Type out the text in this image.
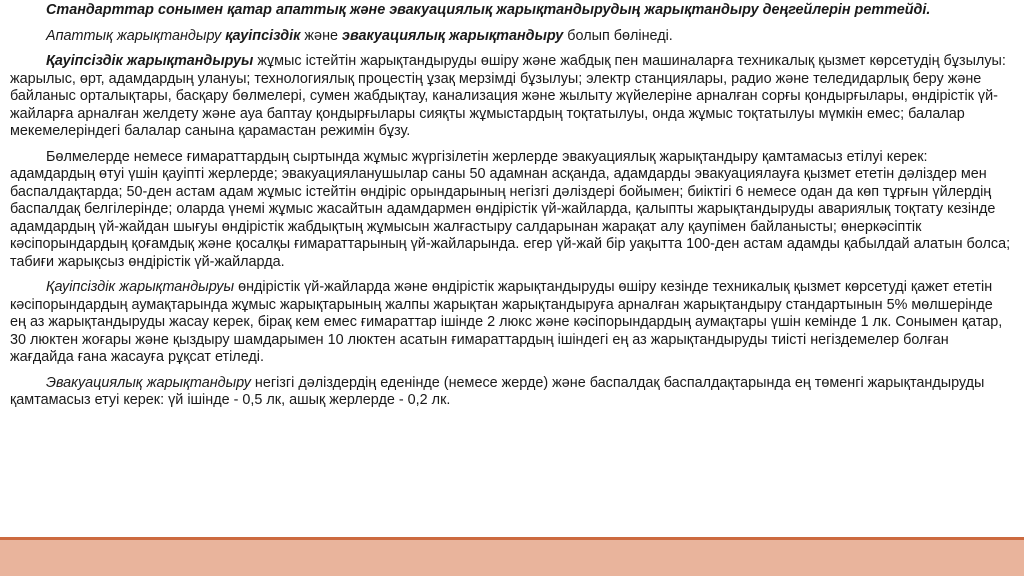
Стандарттар сонымен қатар апаттық және эвакуациялық жарықтандырудың жарықтандыру деңгейлерін реттейді.

Апаттық жарықтандыру қауіпсіздік және эвакуациялық жарықтандыру болып бөлінеді.

Қауіпсіздік жарықтандыруы жұмыс істейтін жарықтандыруды өшіру және жабдық пен машиналарға техникалық қызмет көрсетудің бұзылуы: жарылыс, өрт, адамдардың улануы; технологиялық процестің ұзақ мерзімді бұзылуы; электр станциялары, радио және теледидарлық беру және байланыс орталықтары, басқару бөлмелері, сумен жабдықтау, канализация және жылыту жүйелеріне арналған сорғы қондырғылары, өндірістік үй-жайларға арналған желдету және ауа баптау қондырғылары сияқты жұмыстардың тоқтатылуы, онда жұмыс тоқтатылуы мүмкін емес; балалар мекемелеріндегі балалар санына қарамастан режимін бұзу.

Бөлмелерде немесе ғимараттардың сыртында жұмыс жүргізілетін жерлерде эвакуациялық жарықтандыру қамтамасыз етілуі керек: адамдардың өтуі үшін қауіпті жерлерде; эвакуацияланушылар саны 50 адамнан асқанда, адамдарды эвакуациялауға қызмет ететін дәліздер мен баспалдақтарда; 50-ден астам адам жұмыс істейтін өндіріс орындарының негізгі дәліздері бойымен; биіктігі 6 немесе одан да көп тұрғын үйлердің баспалдақ белгілерінде; оларда үнемі жұмыс жасайтын адамдармен өндірістік үй-жайларда, қалыпты жарықтандыруды авариялық тоқтату кезінде адамдардың үй-жайдан шығуы өндірістік жабдықтың жұмысын жалғастыру салдарынан жарақат алу қаупімен байланысты; өнеркәсіптік кәсіпорындардың қоғамдық және қосалқы ғимараттарының үй-жайларында. егер үй-жай бір уақытта 100-ден астам адамды қабылдай алатын болса; табиғи жарықсыз өндірістік үй-жайларда.

Қауіпсіздік жарықтандыруы өндірістік үй-жайларда және өндірістік жарықтандыруды өшіру кезінде техникалық қызмет көрсетуді қажет ететін кәсіпорындардың аумақтарында жұмыс жарықтарының жалпы жарықтан жарықтандыруға арналған жарықтандыру стандартынын 5% мөлшерінде ең аз жарықтандыруды жасау керек, бірақ кем емес ғимараттар ішінде 2 люкс және кәсіпорындардың аумақтары үшін кемінде 1 лк. Сонымен қатар, 30 люктен жоғары және қыздыру шамдарымен 10 люктен асатын ғимараттардың ішіндегі ең аз жарықтандыруды тиісті негіздемелер болған жағдайда ғана жасауға рұқсат етіледі.

Эвакуациялық жарықтандыру негізгі дәліздердің еденінде (немесе жерде) және баспалдақ баспалдақтарында ең төменгі жарықтандыруды қамтамасыз етуі керек: үй ішінде - 0,5 лк, ашық жерлерде - 0,2 лк.
